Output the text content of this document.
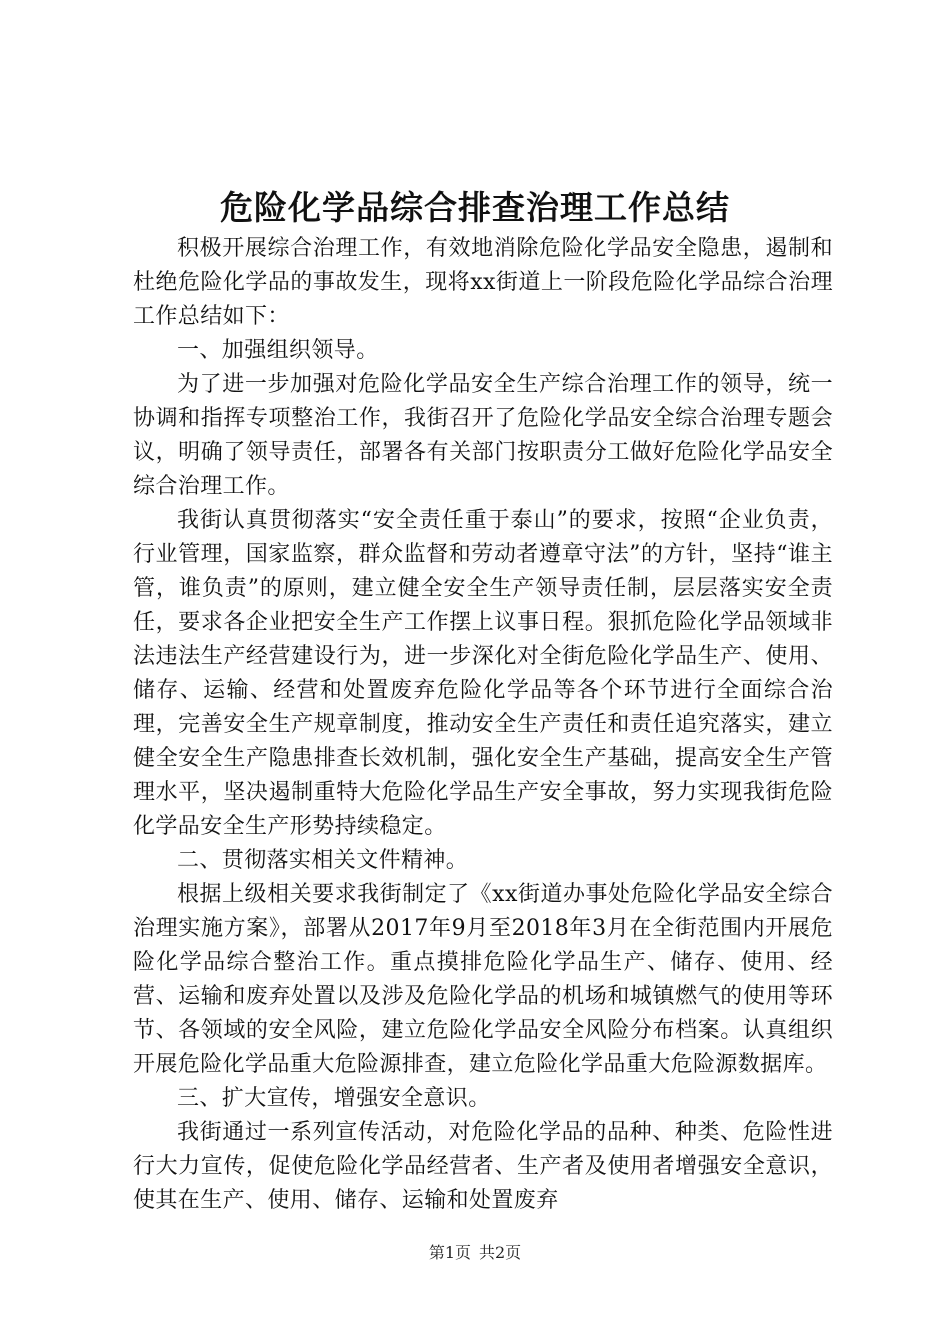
危险化学品综合排查治理工作总结

积极开展综合治理工作，有效地消除危险化学品安全隐患，遏制和杜绝危险化学品的事故发生，现将xx街道上一阶段危险化学品综合治理工作总结如下：

一、加强组织领导。

为了进一步加强对危险化学品安全生产综合治理工作的领导，统一协调和指挥专项整治工作，我街召开了危险化学品安全综合治理专题会议，明确了领导责任，部署各有关部门按职责分工做好危险化学品安全综合治理工作。

我街认真贯彻落实“安全责任重于泰山”的要求，按照“企业负责，行业管理，国家监察，群众监督和劳动者遵章守法”的方针，坚持“谁主管，谁负责”的原则，建立健全安全生产领导责任制，层层落实安全责任，要求各企业把安全生产工作摆上议事日程。狠抓危险化学品领域非法违法生产经营建设行为，进一步深化对全街危险化学品生产、使用、储存、运输、经营和处置废弃危险化学品等各个环节进行全面综合治理，完善安全生产规章制度，推动安全生产责任和责任追究落实，建立健全安全生产隐患排查长效机制，强化安全生产基础，提高安全生产管理水平，坚决遏制重特大危险化学品生产安全事故，努力实现我街危险化学品安全生产形势持续稳定。

二、贯彻落实相关文件精神。

根据上级相关要求我街制定了《xx街道办事处危险化学品安全综合治理实施方案》，部署从2017年9月至2018年3月在全街范围内开展危险化学品综合整治工作。重点摸排危险化学品生产、储存、使用、经营、运输和废弃处置以及涉及危险化学品的机场和城镇燃气的使用等环节、各领域的安全风险，建立危险化学品安全风险分布档案。认真组织开展危险化学品重大危险源排查，建立危险化学品重大危险源数据库。

三、扩大宣传，增强安全意识。

我街通过一系列宣传活动，对危险化学品的品种、种类、危险性进行大力宣传，促使危险化学品经营者、生产者及使用者增强安全意识，使其在生产、使用、储存、运输和处置废弃

第1页 共2页
